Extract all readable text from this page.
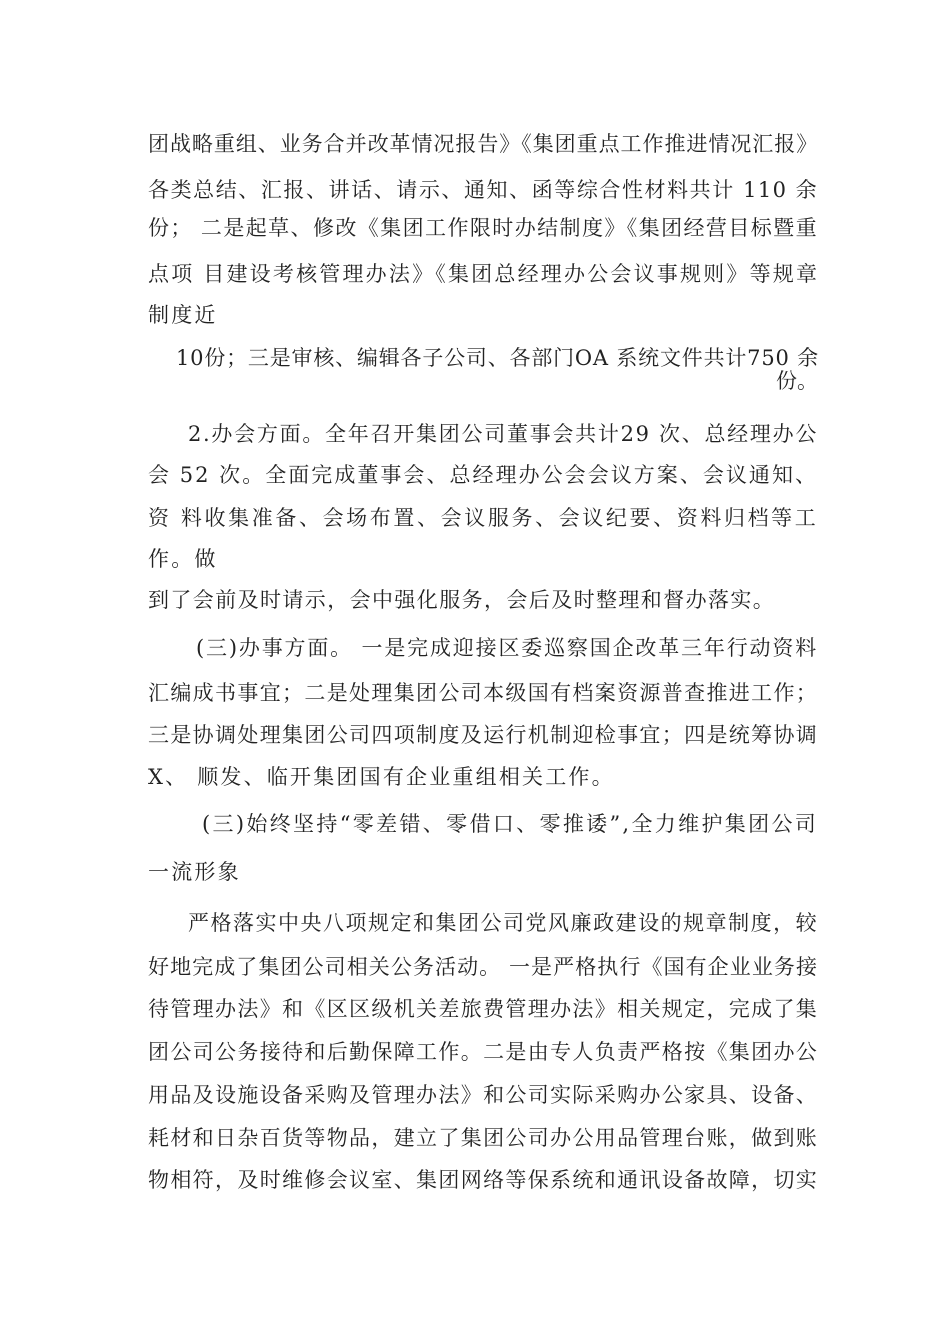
团战略重组、业务合并改革情况报告》《集团重点工作推进情况汇报》
各类总结、汇报、讲话、请示、通知、函等综合性材料共计 110 余
份； 二是起草、修改《集团工作限时办结制度》《集团经营目标暨重
点项 目建设考核管理办法》《集团总经理办公会议事规则》等规章
制度近
10份；三是审核、编辑各子公司、各部门OA 系统文件共计750 余
份。
2.办会方面。全年召开集团公司董事会共计29 次、总经理办公
会 52 次。全面完成董事会、总经理办公会会议方案、会议通知、
资 料收集准备、会场布置、会议服务、会议纪要、资料归档等工
作。做
到了会前及时请示，会中强化服务，会后及时整理和督办落实。
(三)办事方面。 一是完成迎接区委巡察国企改革三年行动资料
汇编成书事宜；二是处理集团公司本级国有档案资源普查推进工作；
三是协调处理集团公司四项制度及运行机制迎检事宜；四是统筹协调
X、 顺发、临开集团国有企业重组相关工作。
(三)始终坚持“零差错、零借口、零推诿”,全力维护集团公司
一流形象
严格落实中央八项规定和集团公司党风廉政建设的规章制度，较
好地完成了集团公司相关公务活动。 一是严格执行《国有企业业务接
待管理办法》和《区区级机关差旅费管理办法》相关规定，完成了集
团公司公务接待和后勤保障工作。二是由专人负责严格按《集团办公
用品及设施设备采购及管理办法》和公司实际采购办公家具、设备、
耗材和日杂百货等物品，建立了集团公司办公用品管理台账，做到账
物相符，及时维修会议室、集团网络等保系统和通讯设备故障，切实
